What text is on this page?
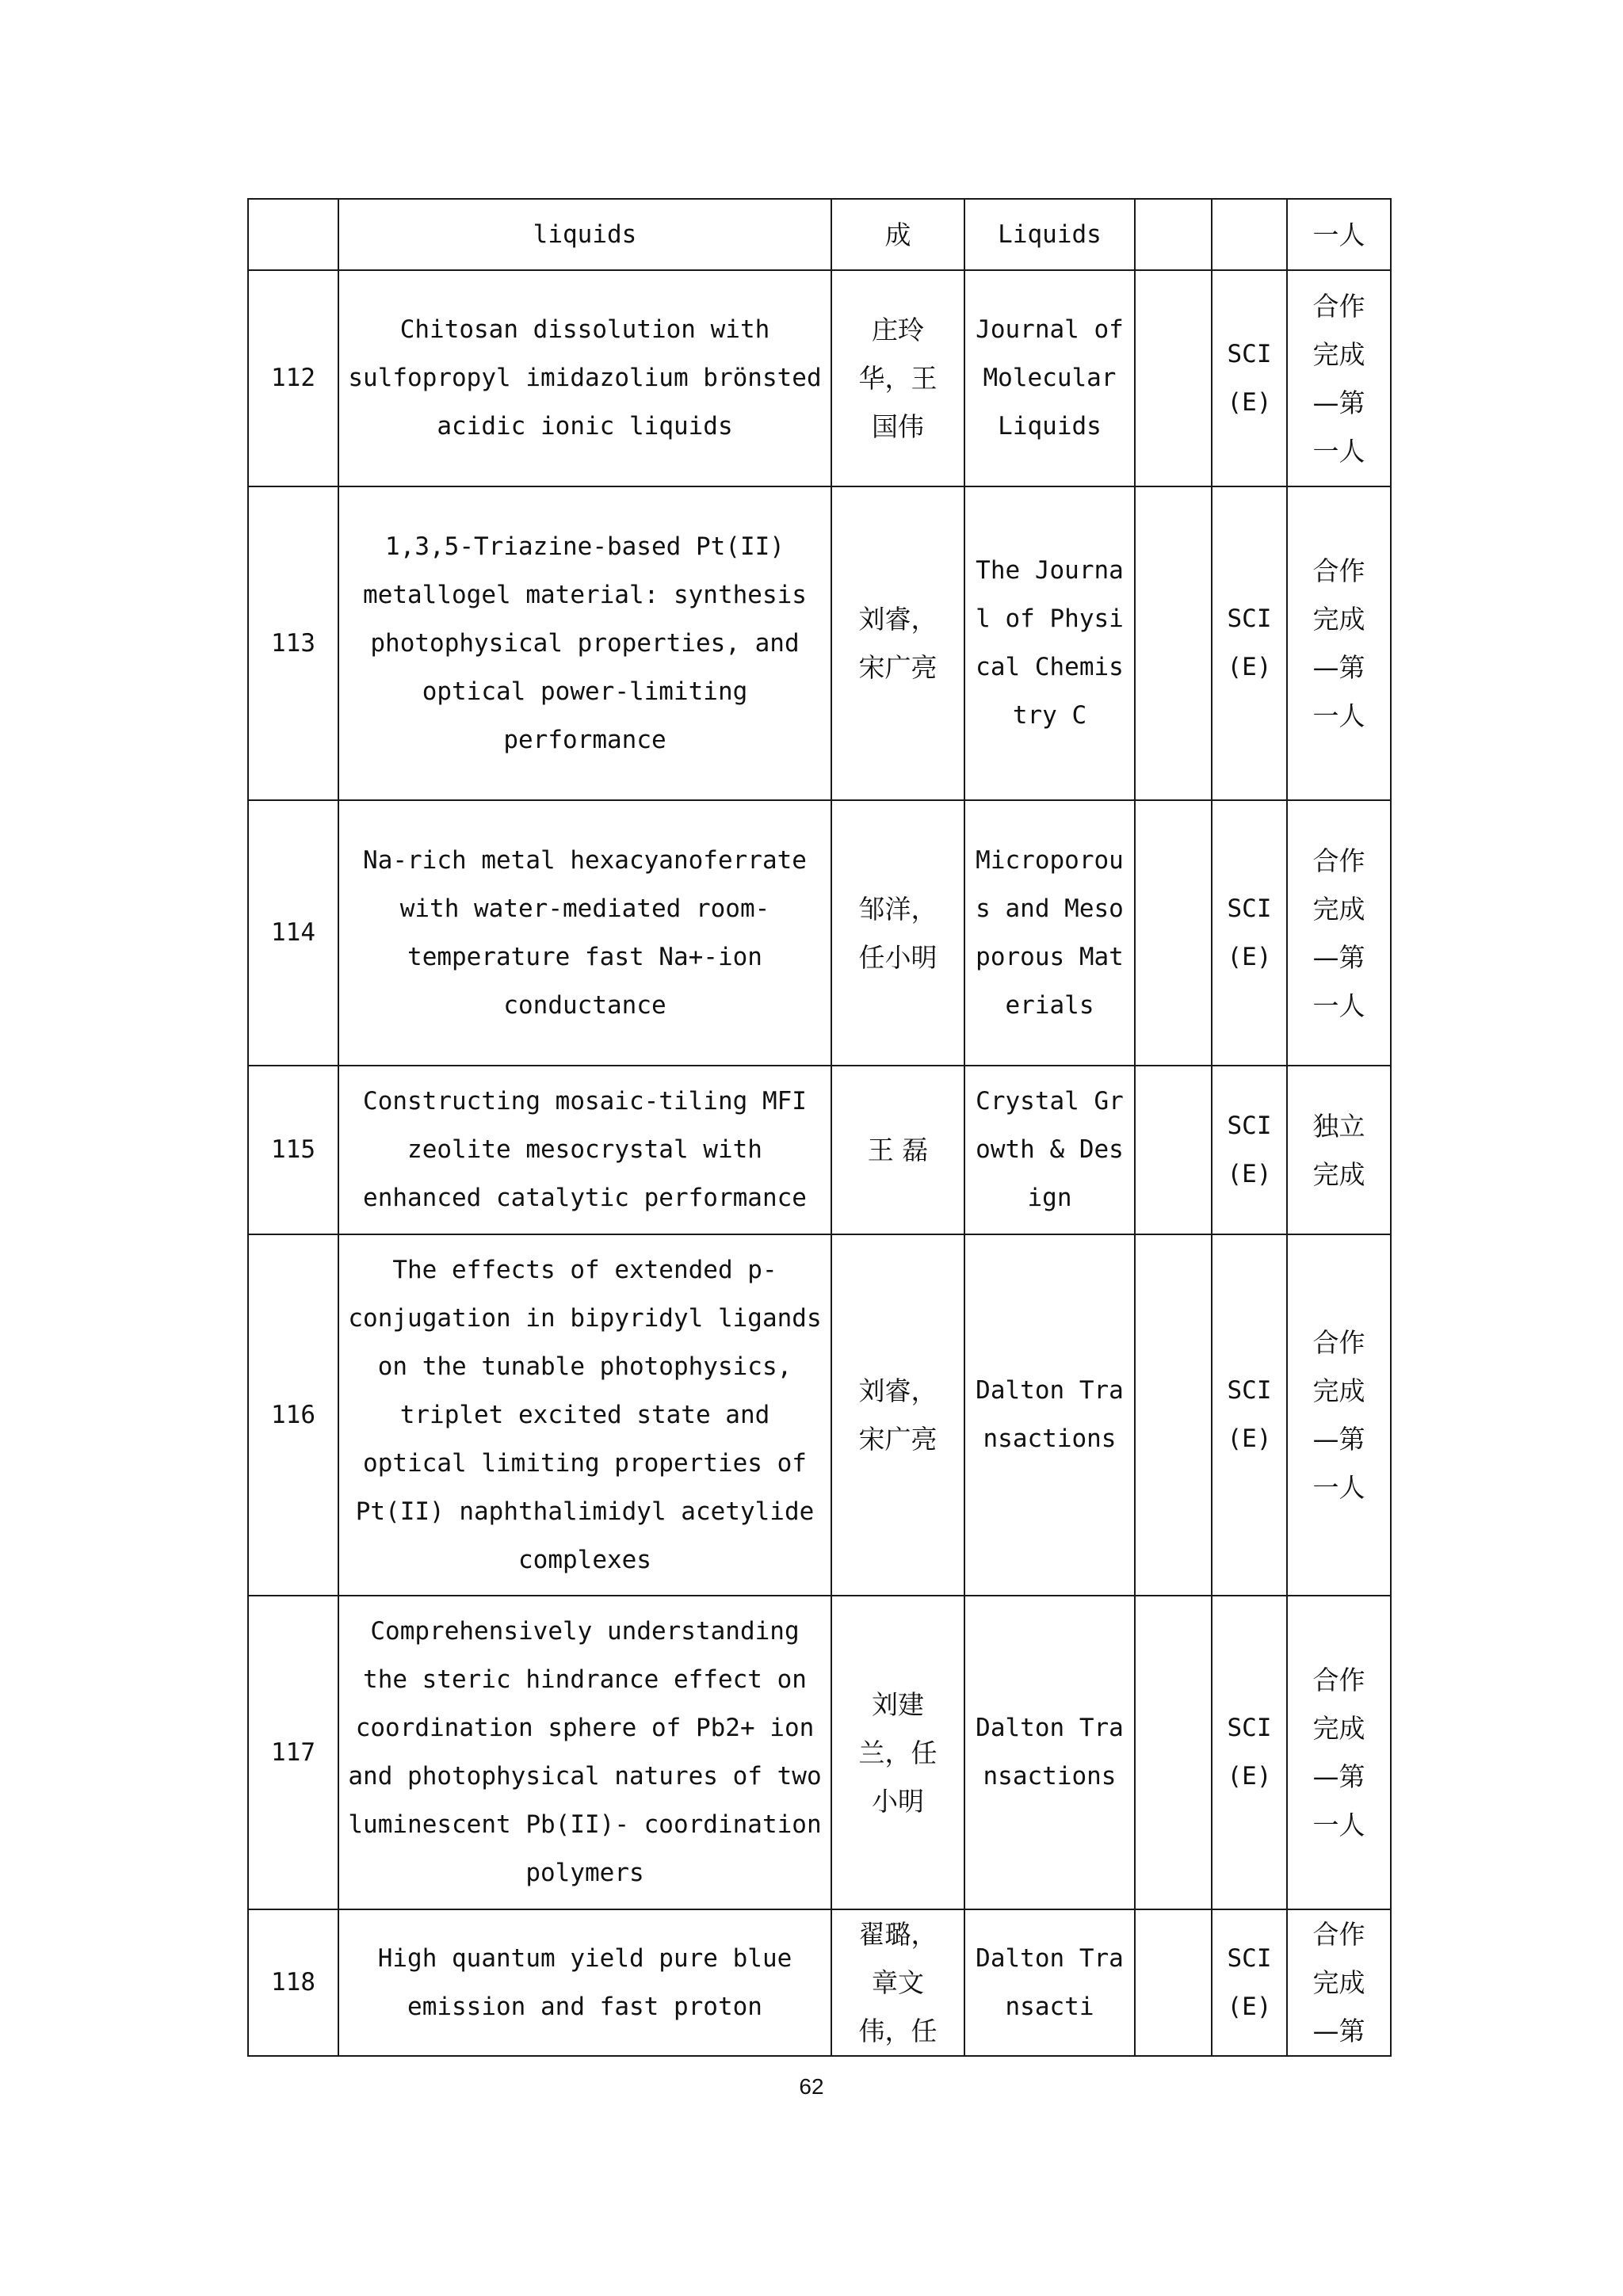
	liquids	成	Liquids			一人
112	Chitosan dissolution with sulfopropyl imidazolium brönsted acidic ionic liquids	庄玲华，王国伟	Journal of Molecular Liquids		SCI (E)	合作完成—第一人
113	1,3,5-Triazine-based Pt(II) metallogel material: synthesis photophysical properties, and optical power-limiting performance	刘睿，宋广亮	The Journal of Physical Chemistry C		SCI (E)	合作完成—第一人
114	Na-rich metal hexacyanoferrate with water-mediated room-temperature fast Na+-ion conductance	邹洋，任小明	Microporous and Mesoporous Materials		SCI (E)	合作完成—第一人
115	Constructing mosaic-tiling MFI zeolite mesocrystal with enhanced catalytic performance	王 磊	Crystal Growth & Design		SCI (E)	独立完成
116	The effects of extended p-conjugation in bipyridyl ligands on the tunable photophysics, triplet excited state and optical limiting properties of Pt(II) naphthalimidyl acetylide complexes	刘睿，宋广亮	Dalton Transactions		SCI (E)	合作完成—第一人
117	Comprehensively understanding the steric hindrance effect on coordination sphere of Pb2+ ion and photophysical natures of two luminescent Pb(II)- coordination polymers	刘建兰，任小明	Dalton Transactions		SCI (E)	合作完成—第一人
118	High quantum yield pure blue emission and fast proton	翟璐，章文伟，任	Dalton Transacti		SCI (E)	合作完成—第
62
